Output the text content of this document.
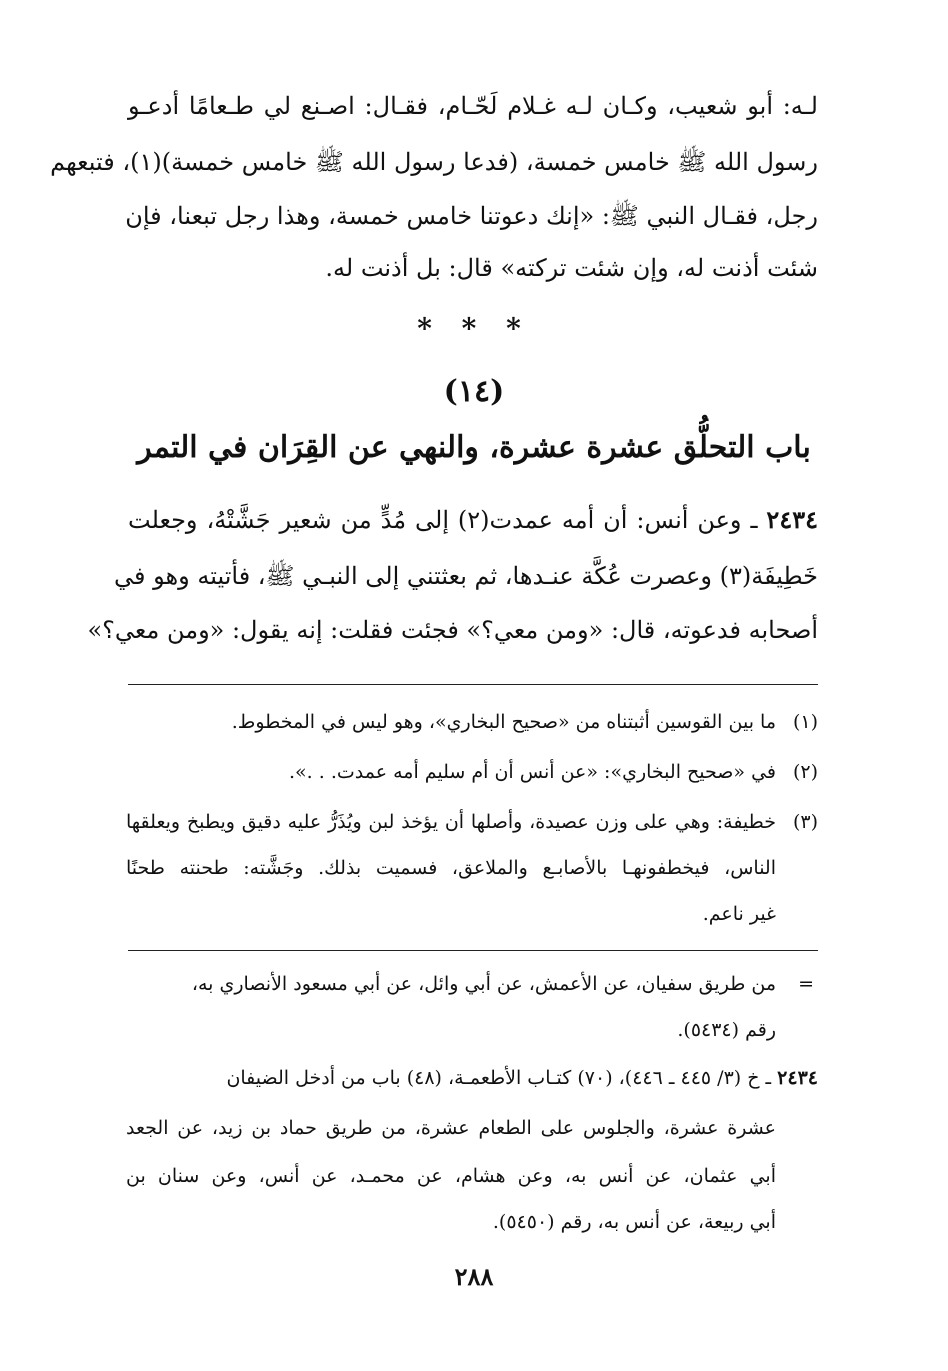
لـه: أبو شعيب، وكـان لـه غـلام لَحّـام، فقـال: اصـنع لي طـعامًا أدعـو
رسول الله ﷺ خامس خمسة، (فدعا رسول الله ﷺ خامس خمسة)(١)، فتبعهم
رجل، فقـال النبي ﷺ: «إنك دعوتنا خامس خمسة، وهذا رجل تبعنا، فإن
شئت أذنت له، وإن شئت تركته» قال: بل أذنت له.
* * *
(١٤)
باب التحلُّق عشرة عشرة، والنهي عن القِرَان في التمر
٢٤٣٤ ـ وعن أنس: أن أمه عمدت(٢) إلى مُدٍّ من شعير جَشَّتْهُ، وجعلت
خَطِيفَة(٣) وعصرت عُكَّة عنـدها، ثم بعثتني إلى النبـي ﷺ، فأتيته وهو في
أصحابه فدعوته، قال: «ومن معي؟» فجئت فقلت: إنه يقول: «ومن معي؟»
(١)
ما بين القوسين أثبتناه من «صحيح البخاري»، وهو ليس في المخطوط.
(٢)
في «صحيح البخاري»: «عن أنس أن أم سليم أمه عمدت. . .».
(٣)
خطيفة: وهي على وزن عصيدة، وأصلها أن يؤخذ لبن ويُذَرُّ عليه دقيق ويطبخ ويعلقها
الناس، فيخطفونهـا بالأصابـع والملاعق، فسميت بذلك. وجَشَّته: طحنته طحنًا
غير ناعم.
=
من طريق سفيان، عن الأعمش، عن أبي وائل، عن أبي مسعود الأنصاري به،
رقم (٥٤٣٤).
٢٤٣٤ ـ خ (٣/ ٤٤٥ ـ ٤٤٦)، (٧٠) كتـاب الأطعمـة، (٤٨) باب من أدخل الضيفان
عشرة عشرة، والجلوس على الطعام عشرة، من طريق حماد بن زيد، عن الجعد
أبي عثمان، عن أنس به، وعن هشام، عن محمـد، عن أنس، وعن سنان بن
أبي ربيعة، عن أنس به، رقم (٥٤٥٠).
٢٨٨
